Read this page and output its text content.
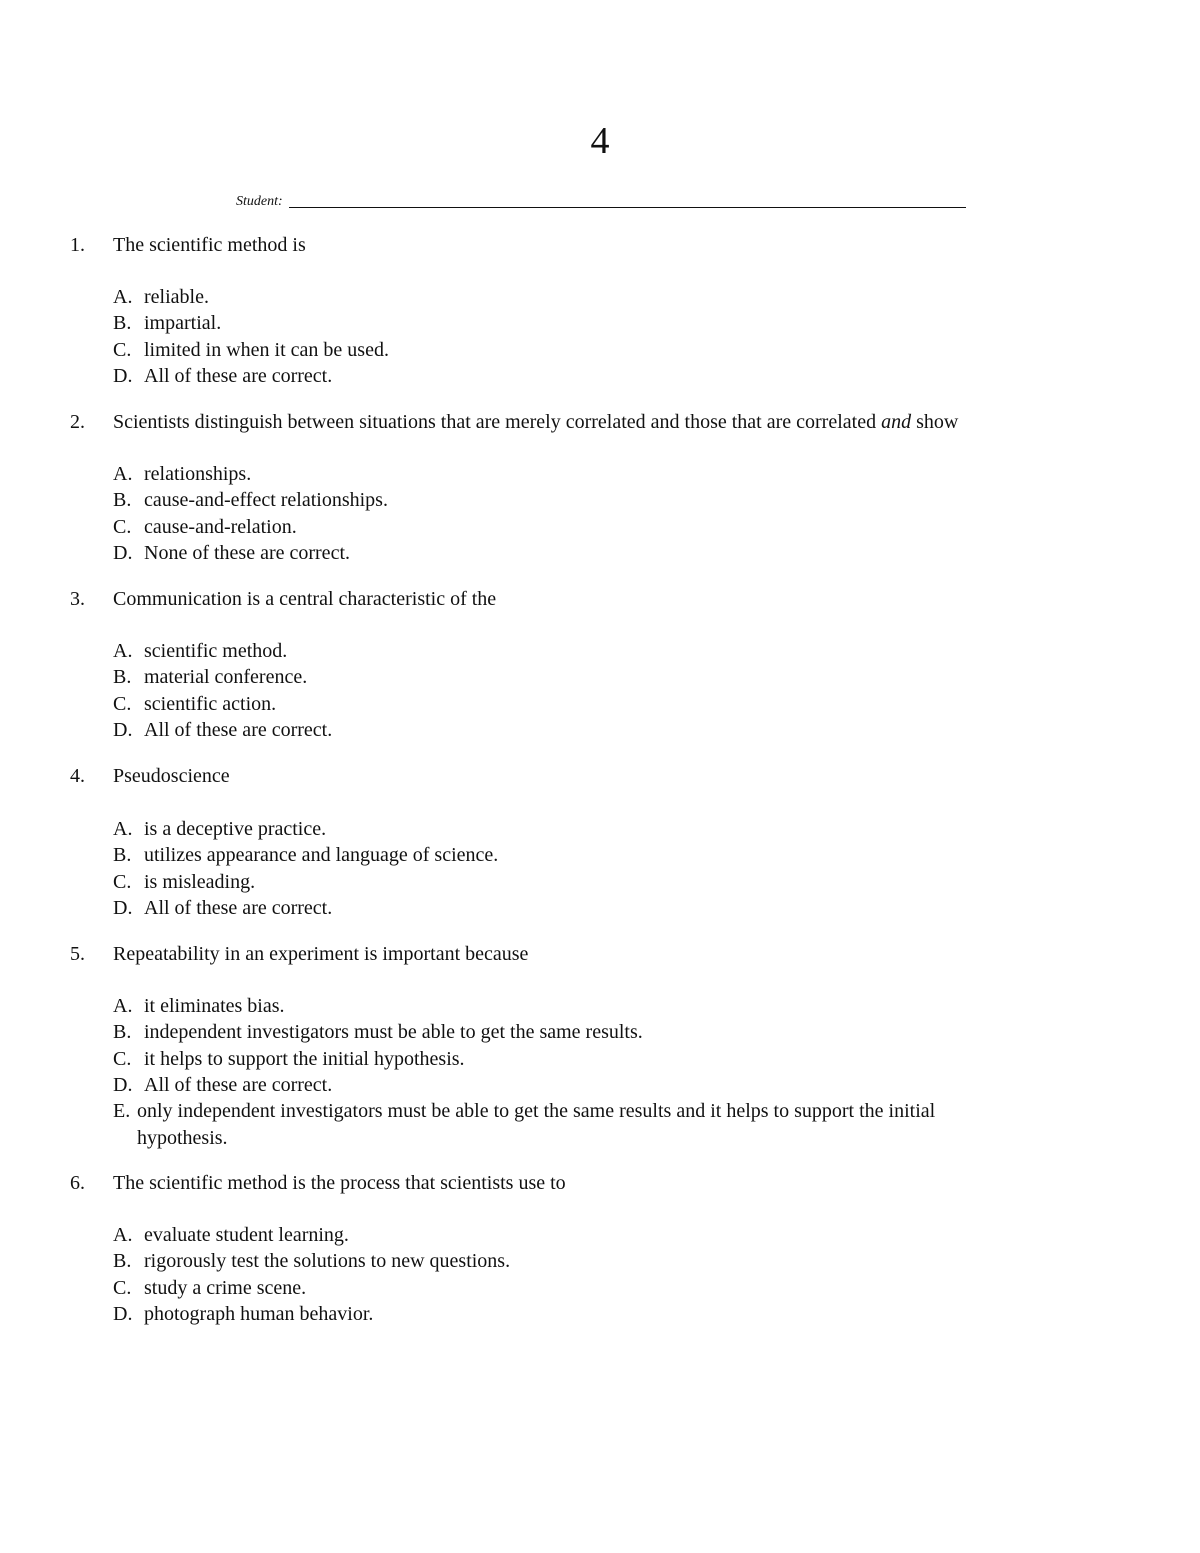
4
Student:
1. The scientific method is
A. reliable.
B. impartial.
C. limited in when it can be used.
D. All of these are correct.
2. Scientists distinguish between situations that are merely correlated and those that are correlated and show
A. relationships.
B. cause-and-effect relationships.
C. cause-and-relation.
D. None of these are correct.
3. Communication is a central characteristic of the
A. scientific method.
B. material conference.
C. scientific action.
D. All of these are correct.
4. Pseudoscience
A. is a deceptive practice.
B. utilizes appearance and language of science.
C. is misleading.
D. All of these are correct.
5. Repeatability in an experiment is important because
A. it eliminates bias.
B. independent investigators must be able to get the same results.
C. it helps to support the initial hypothesis.
D. All of these are correct.
E. only independent investigators must be able to get the same results and it helps to support the initial
hypothesis.
6. The scientific method is the process that scientists use to
A. evaluate student learning.
B. rigorously test the solutions to new questions.
C. study a crime scene.
D. photograph human behavior.
